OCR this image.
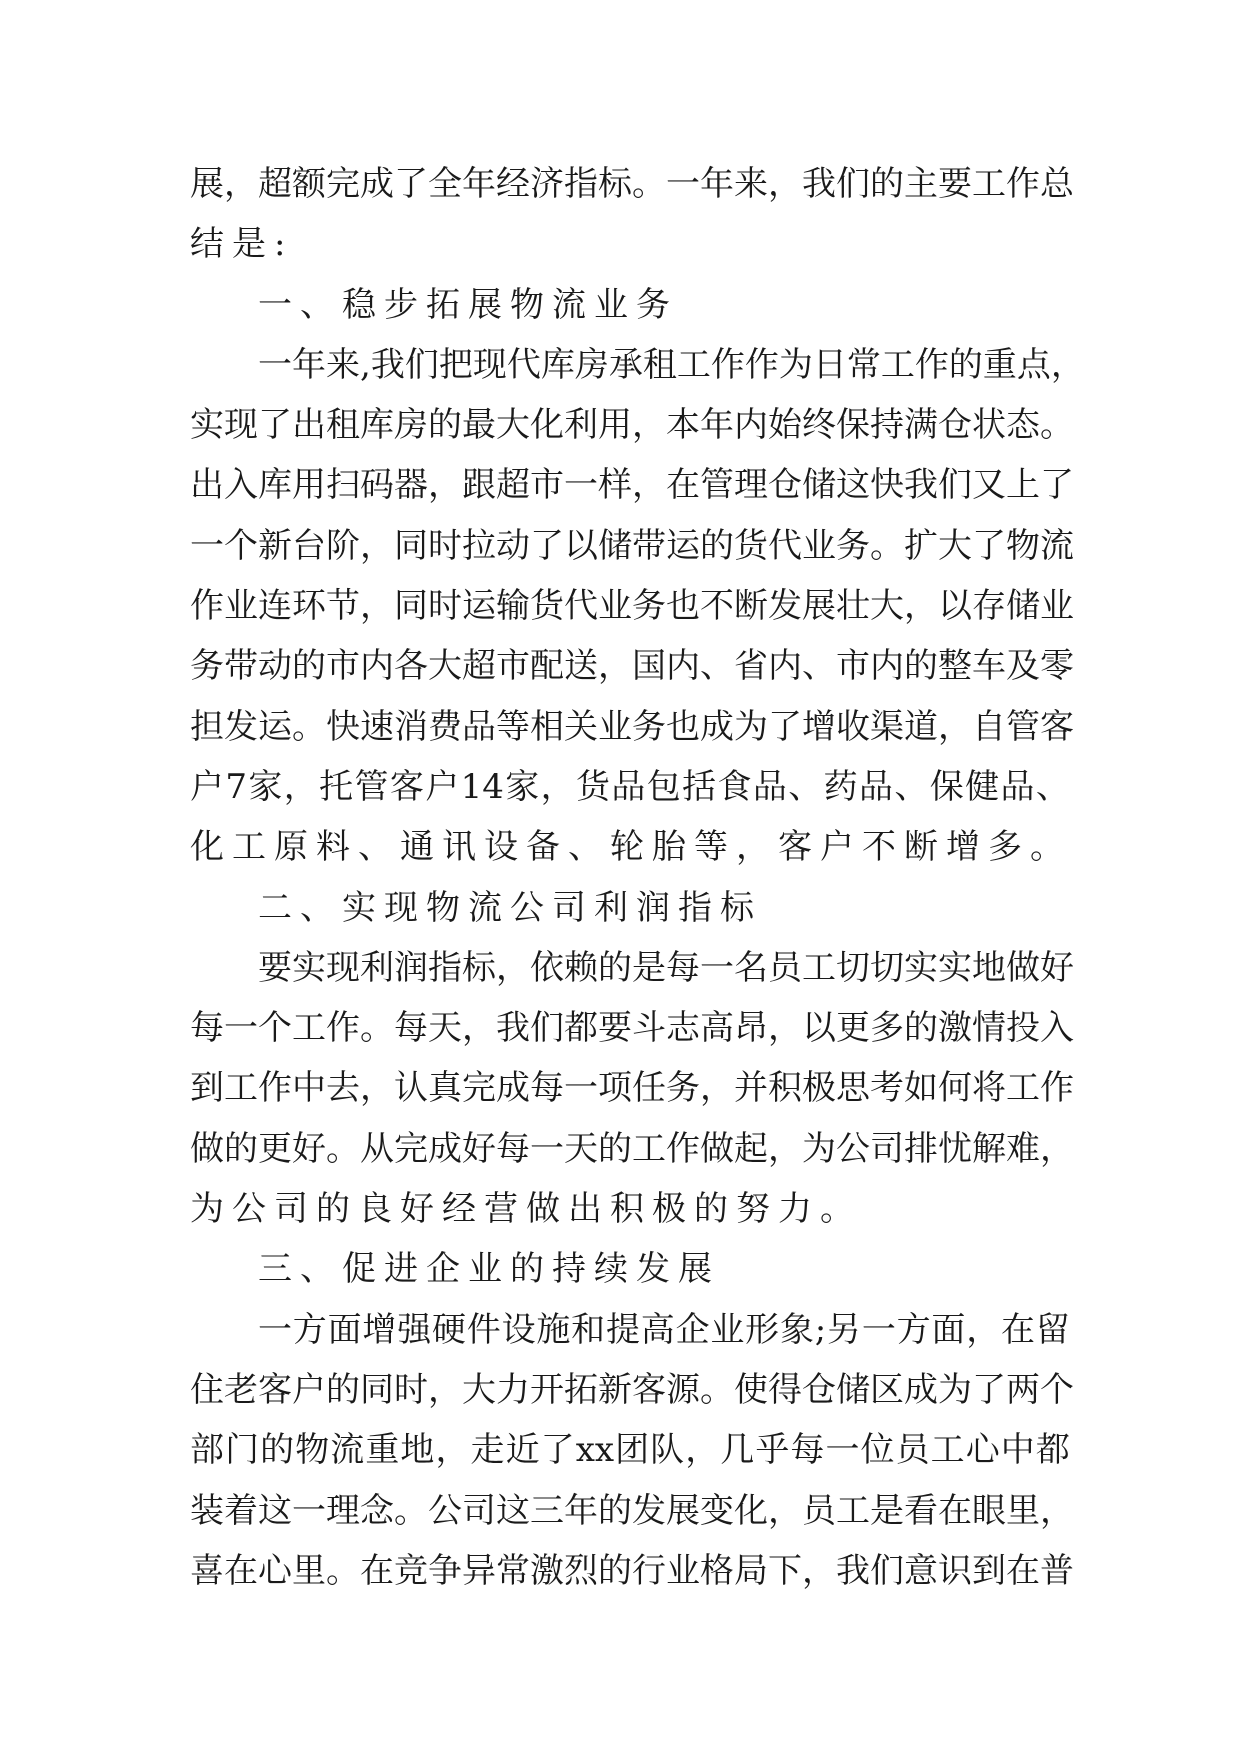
展 ， 超 额 完 成 了 全 年 经 济 指 标 。 一 年 来 ， 我 们 的 主 要 工 作 总
结是:
一、稳步拓展物流业务
一 年 来 , 我 们 把 现 代 库 房 承 租 工 作 作 为 日 常 工 作 的 重 点 ，
实 现 了 出 租 库 房 的 最 大 化 利 用 ， 本 年 内 始 终 保 持 满 仓 状 态 。
出 入 库 用 扫 码 器 ， 跟 超 市 一 样 ， 在 管 理 仓 储 这 快 我 们 又 上 了
一 个 新 台 阶 ， 同 时 拉 动 了 以 储 带 运 的 货 代 业 务 。 扩 大 了 物 流
作 业 连 环 节 ， 同 时 运 输 货 代 业 务 也 不 断 发 展 壮 大 ， 以 存 储 业
务 带 动 的 市 内 各 大 超 市 配 送 ， 国 内 、 省 内 、 市 内 的 整 车 及 零
担 发 运 。 快 速 消 费 品 等 相 关 业 务 也 成 为 了 增 收 渠 道 ， 自 管 客
户 7 家 ， 托 管 客 户 14 家 ， 货 品 包 括 食 品 、 药 品 、 保 健 品 、
化工原料、通讯设备、轮胎等，客户不断增多。
二、实现物流公司利润指标
要 实 现 利 润 指 标 ， 依 赖 的 是 每 一 名 员 工 切 切 实 实 地 做 好
每 一 个 工 作 。 每 天 ， 我 们 都 要 斗 志 高 昂 ， 以 更 多 的 激 情 投 入
到 工 作 中 去 ， 认 真 完 成 每 一 项 任 务 ， 并 积 极 思 考 如 何 将 工 作
做 的 更 好 。 从 完 成 好 每 一 天 的 工 作 做 起 ， 为 公 司 排 忧 解 难 ，
为公司的良好经营做出积极的努力。
三、促进企业的持续发展
一 方 面 增 强 硬 件 设 施 和 提 高 企 业 形 象 ; 另 一 方 面 ， 在 留
住 老 客 户 的 同 时 ， 大 力 开 拓 新 客 源 。 使 得 仓 储 区 成 为 了 两 个
部 门 的 物 流 重 地 ， 走 近 了 xx 团 队 ， 几 乎 每 一 位 员 工 心 中 都
装 着 这 一 理 念 。 公 司 这 三 年 的 发 展 变 化 ， 员 工 是 看 在 眼 里 ，
喜 在 心 里 。 在 竞 争 异 常 激 烈 的 行 业 格 局 下 ， 我 们 意 识 到 在 普
